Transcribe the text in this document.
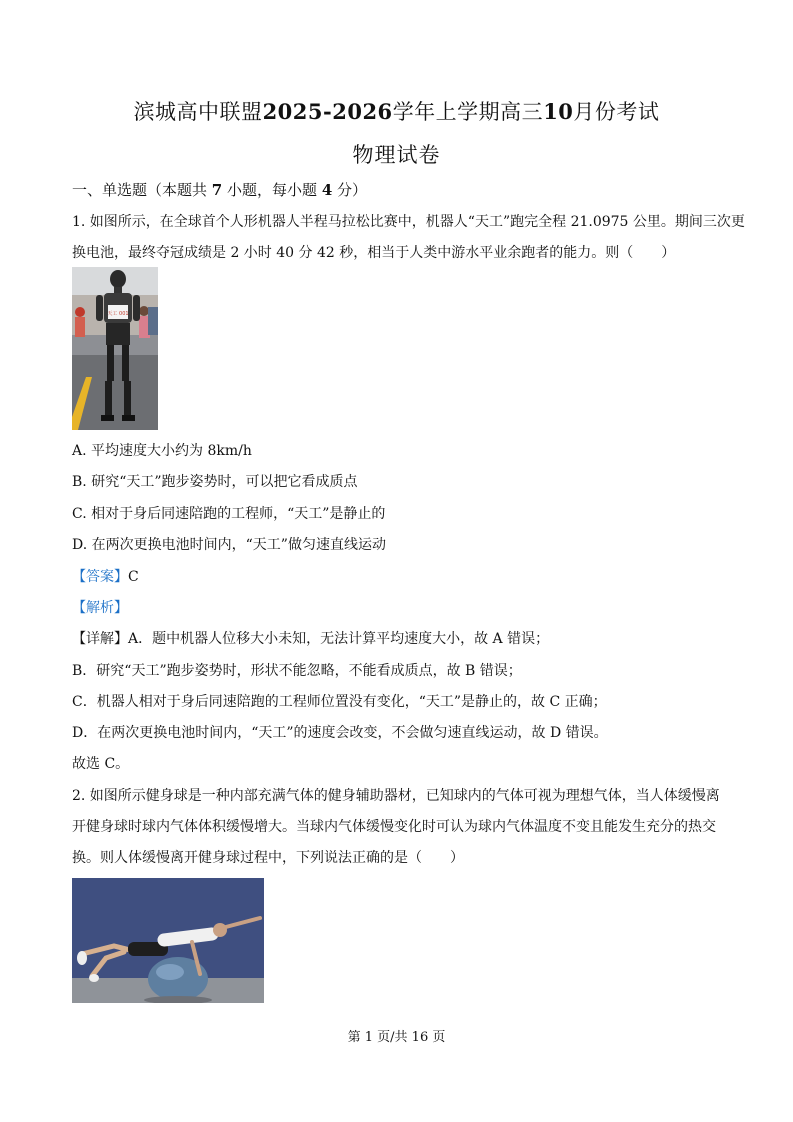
滨城高中联盟2025-2026学年上学期高三10月份考试
物理试卷
一、单选题（本题共 7 小题，每小题 4 分）
1. 如图所示，在全球首个人形机器人半程马拉松比赛中，机器人“天工”跑完全程 21.0975 公里。期间三次更
换电池，最终夺冠成绩是 2 小时 40 分 42 秒，相当于人类中游水平业余跑者的能力。则（　　）
天工 001
A. 平均速度大小约为 8km/h
B. 研究“天工”跑步姿势时，可以把它看成质点
C. 相对于身后同速陪跑的工程师，“天工”是静止的
D. 在两次更换电池时间内，“天工”做匀速直线运动
【答案】C
【解析】
【详解】A．题中机器人位移大小未知，无法计算平均速度大小，故 A 错误；
B．研究“天工”跑步姿势时，形状不能忽略，不能看成质点，故 B 错误；
C．机器人相对于身后同速陪跑的工程师位置没有变化，“天工”是静止的，故 C 正确；
D．在两次更换电池时间内，“天工”的速度会改变，不会做匀速直线运动，故 D 错误。
故选 C。
2. 如图所示健身球是一种内部充满气体的健身辅助器材，已知球内的气体可视为理想气体，当人体缓慢离
开健身球时球内气体体积缓慢增大。当球内气体缓慢变化时可认为球内气体温度不变且能发生充分的热交
换。则人体缓慢离开健身球过程中，下列说法正确的是（　　）
第 1 页/共 16 页
